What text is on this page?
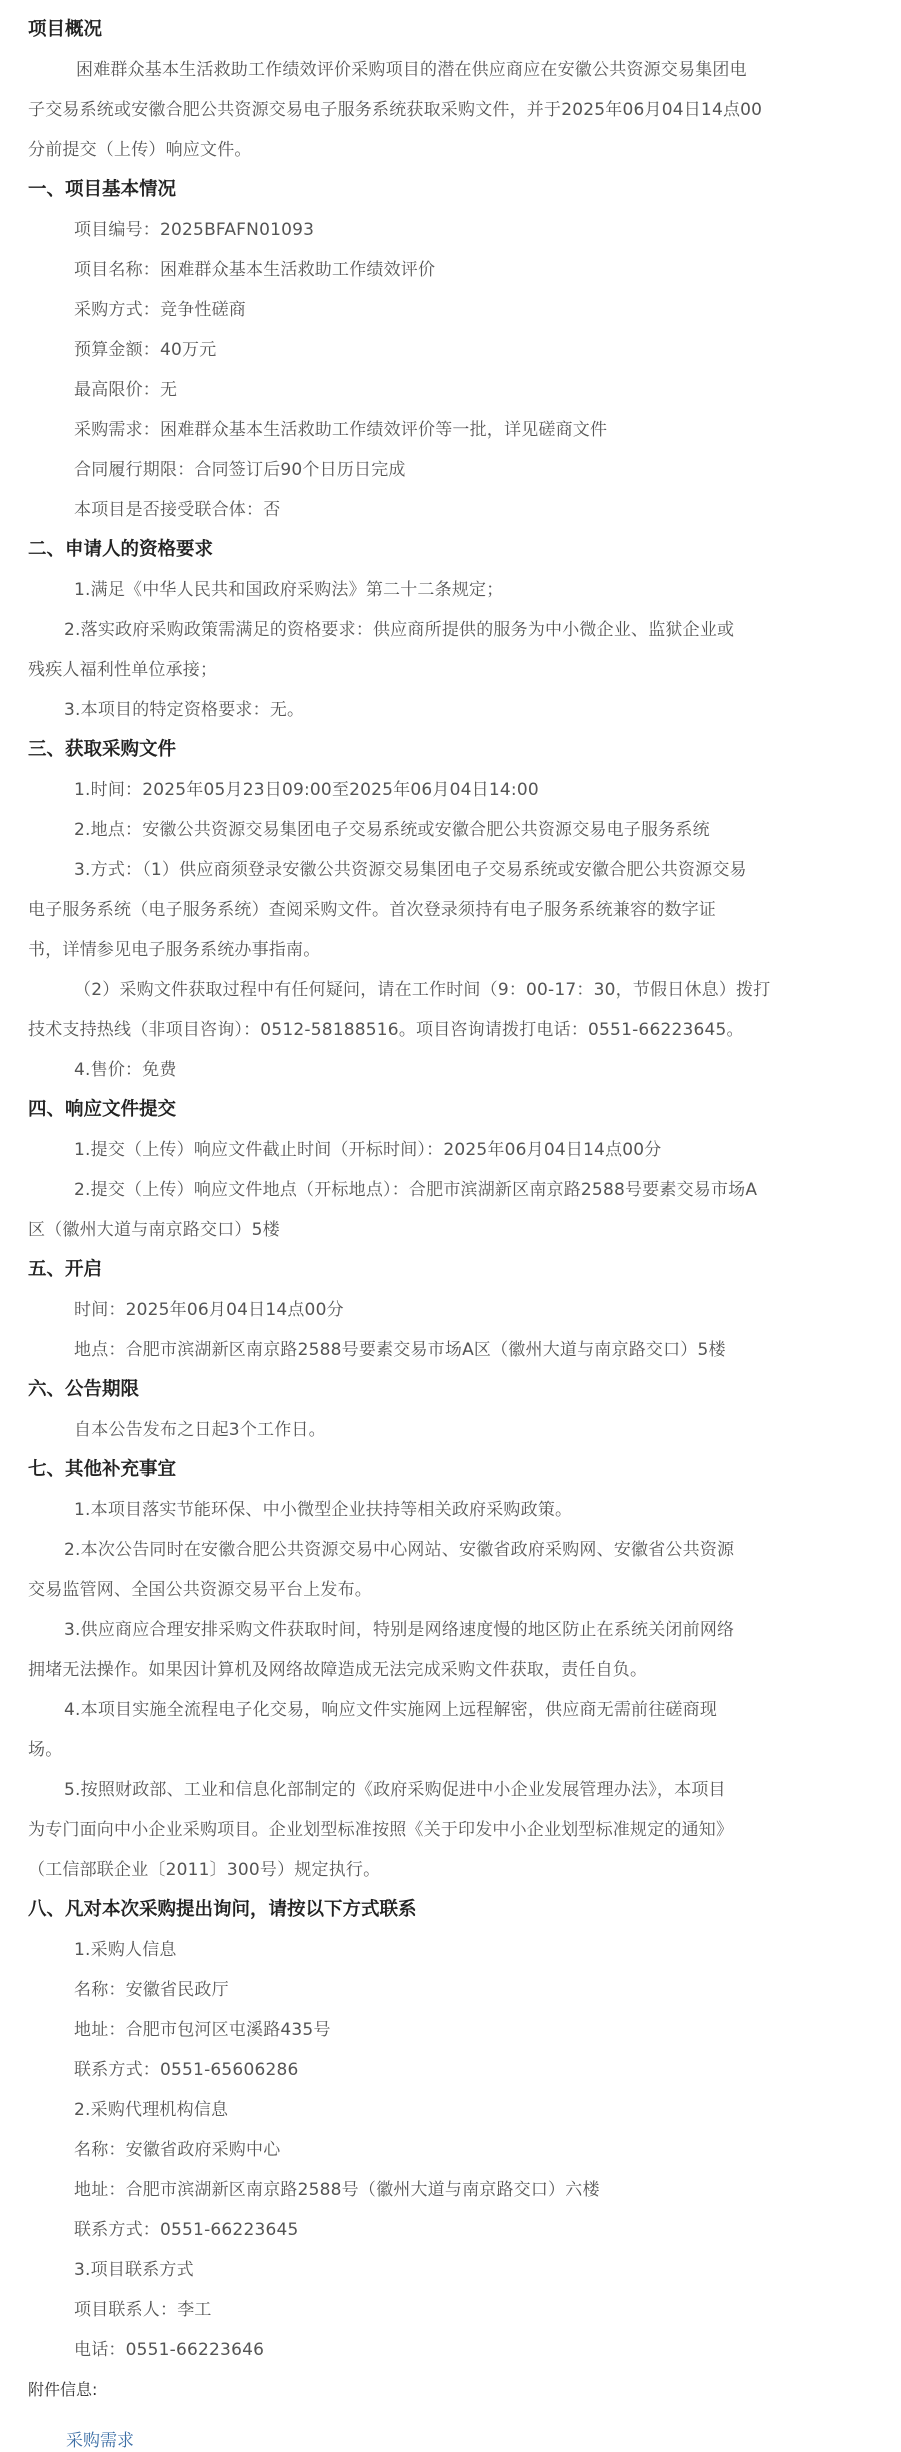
项目概况
困难群众基本生活救助工作绩效评价采购项目的潜在供应商应在安徽公共资源交易集团电
子交易系统或安徽合肥公共资源交易电子服务系统获取采购文件，并于2025年06月04日14点00
分前提交（上传）响应文件。
一、项目基本情况
项目编号：2025BFAFN01093
项目名称：困难群众基本生活救助工作绩效评价
采购方式：竞争性磋商
预算金额：40万元
最高限价：无
采购需求：困难群众基本生活救助工作绩效评价等一批，详见磋商文件
合同履行期限：合同签订后90个日历日完成
本项目是否接受联合体：否
二、申请人的资格要求
1.满足《中华人民共和国政府采购法》第二十二条规定；
2.落实政府采购政策需满足的资格要求：供应商所提供的服务为中小微企业、监狱企业或
残疾人福利性单位承接；
3.本项目的特定资格要求：无。
三、获取采购文件
1.时间：2025年05月23日09:00至2025年06月04日14:00
2.地点：安徽公共资源交易集团电子交易系统或安徽合肥公共资源交易电子服务系统
3.方式：（1）供应商须登录安徽公共资源交易集团电子交易系统或安徽合肥公共资源交易
电子服务系统（电子服务系统）查阅采购文件。首次登录须持有电子服务系统兼容的数字证
书，详情参见电子服务系统办事指南。
（2）采购文件获取过程中有任何疑问，请在工作时间（9：00-17：30，节假日休息）拨打
技术支持热线（非项目咨询）：0512-58188516。项目咨询请拨打电话：0551-66223645。
4.售价：免费
四、响应文件提交
1.提交（上传）响应文件截止时间（开标时间）：2025年06月04日14点00分
2.提交（上传）响应文件地点（开标地点）：合肥市滨湖新区南京路2588号要素交易市场A
区（徽州大道与南京路交口）5楼
五、开启
时间：2025年06月04日14点00分
地点：合肥市滨湖新区南京路2588号要素交易市场A区（徽州大道与南京路交口）5楼
六、公告期限
自本公告发布之日起3个工作日。
七、其他补充事宜
1.本项目落实节能环保、中小微型企业扶持等相关政府采购政策。
2.本次公告同时在安徽合肥公共资源交易中心网站、安徽省政府采购网、安徽省公共资源
交易监管网、全国公共资源交易平台上发布。
3.供应商应合理安排采购文件获取时间，特别是网络速度慢的地区防止在系统关闭前网络
拥堵无法操作。如果因计算机及网络故障造成无法完成采购文件获取，责任自负。
4.本项目实施全流程电子化交易，响应文件实施网上远程解密，供应商无需前往磋商现
场。
5.按照财政部、工业和信息化部制定的《政府采购促进中小企业发展管理办法》，本项目
为专门面向中小企业采购项目。企业划型标准按照《关于印发中小企业划型标准规定的通知》
（工信部联企业〔2011〕300号）规定执行。
八、凡对本次采购提出询问，请按以下方式联系
1.采购人信息
名称：安徽省民政厅
地址：合肥市包河区屯溪路435号
联系方式：0551-65606286
2.采购代理机构信息
名称：安徽省政府采购中心
地址：合肥市滨湖新区南京路2588号（徽州大道与南京路交口）六楼
联系方式：0551-66223645
3.项目联系方式
项目联系人：李工
电话：0551-66223646
附件信息:
采购需求
